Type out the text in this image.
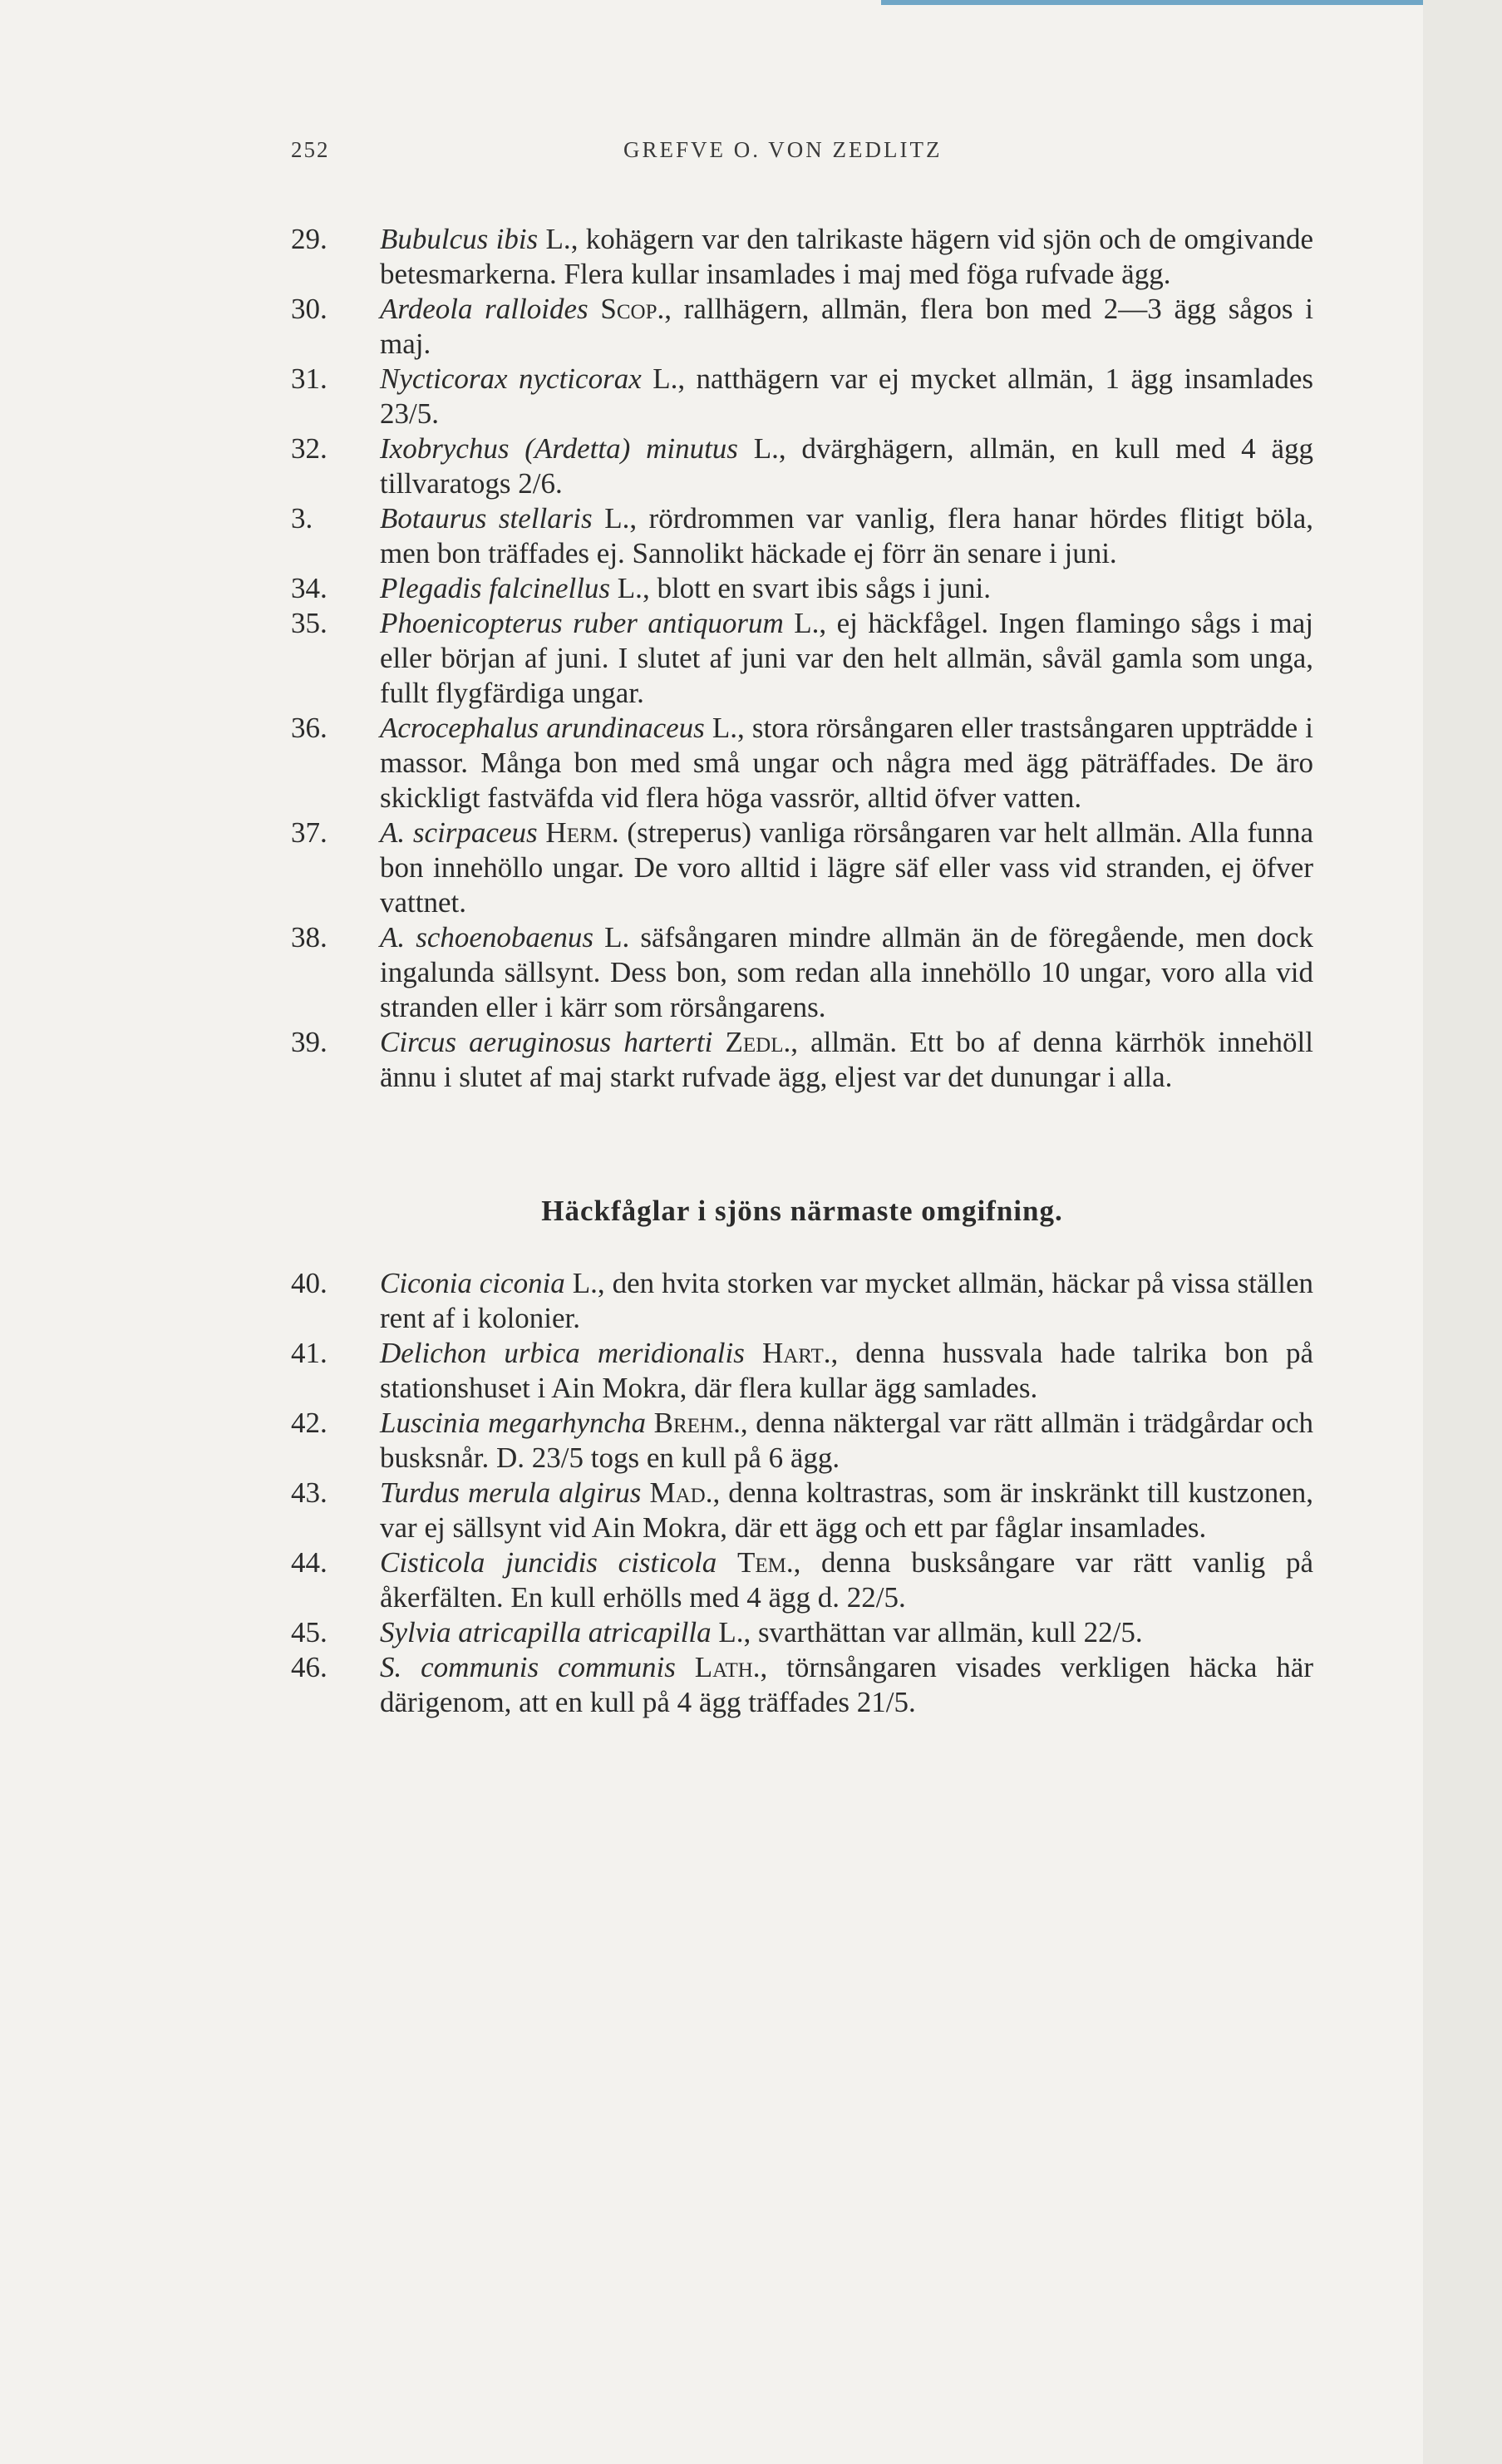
252	GREFVE O. VON ZEDLITZ
29.	Bubulcus ibis L., kohägern var den talrikaste hägern vid sjön och de omgivande betesmarkerna. Flera kullar insamlades i maj med föga rufvade ägg.
30.	Ardeola ralloides Scop., rallhägern, allmän, flera bon med 2—3 ägg sågos i maj.
31.	Nycticorax nycticorax L., natthägern var ej mycket allmän, 1 ägg insamlades 23/5.
32.	Ixobrychus (Ardetta) minutus L., dvärghägern, allmän, en kull med 4 ägg tillvaratogs 2/6.
3.	Botaurus stellaris L., rördrommen var vanlig, flera hanar hördes flitigt böla, men bon träffades ej. Sannolikt häckade ej förr än senare i juni.
34.	Plegadis falcinellus L., blott en svart ibis sågs i juni.
35.	Phoenicopterus ruber antiquorum L., ej häckfågel. Ingen flamingo sågs i maj eller början af juni. I slutet af juni var den helt allmän, såväl gamla som unga, fullt flygfärdiga ungar.
36.	Acrocephalus arundinaceus L., stora rörsångaren eller trastsångaren uppträdde i massor. Många bon med små ungar och några med ägg päträffades. De äro skickligt fastväfda vid flera höga vassrör, alltid öfver vatten.
37.	A. scirpaceus Herm. (streperus) vanliga rörsångaren var helt allmän. Alla funna bon innehöllo ungar. De voro alltid i lägre säf eller vass vid stranden, ej öfver vattnet.
38.	A. schoenobaenus L. säfsångaren mindre allmän än de föregående, men dock ingalunda sällsynt. Dess bon, som redan alla innehöllo 10 ungar, voro alla vid stranden eller i kärr som rörsångarens.
39.	Circus aeruginosus harterti Zedl., allmän. Ett bo af denna kärrhök innehöll ännu i slutet af maj starkt rufvade ägg, eljest var det dunungar i alla.
Häckfåglar i sjöns närmaste omgifning.
40.	Ciconia ciconia L., den hvita storken var mycket allmän, häckar på vissa ställen rent af i kolonier.
41.	Delichon urbica meridionalis Hart., denna hussvala hade talrika bon på stationshuset i Ain Mokra, där flera kullar ägg samlades.
42.	Luscinia megarhyncha Brehm., denna näktergal var rätt allmän i trädgårdar och busksnår. D. 23/5 togs en kull på 6 ägg.
43.	Turdus merula algirus Mad., denna koltrastras, som är inskränkt till kustzonen, var ej sällsynt vid Ain Mokra, där ett ägg och ett par fåglar insamlades.
44.	Cisticola juncidis cisticola Tem., denna busksångare var rätt vanlig på åkerfälten. En kull erhölls med 4 ägg d. 22/5.
45.	Sylvia atricapilla atricapilla L., svarthättan var allmän, kull 22/5.
46.	S. communis communis Lath., törnsångaren visades verkligen häcka här därigenom, att en kull på 4 ägg träffades 21/5.
